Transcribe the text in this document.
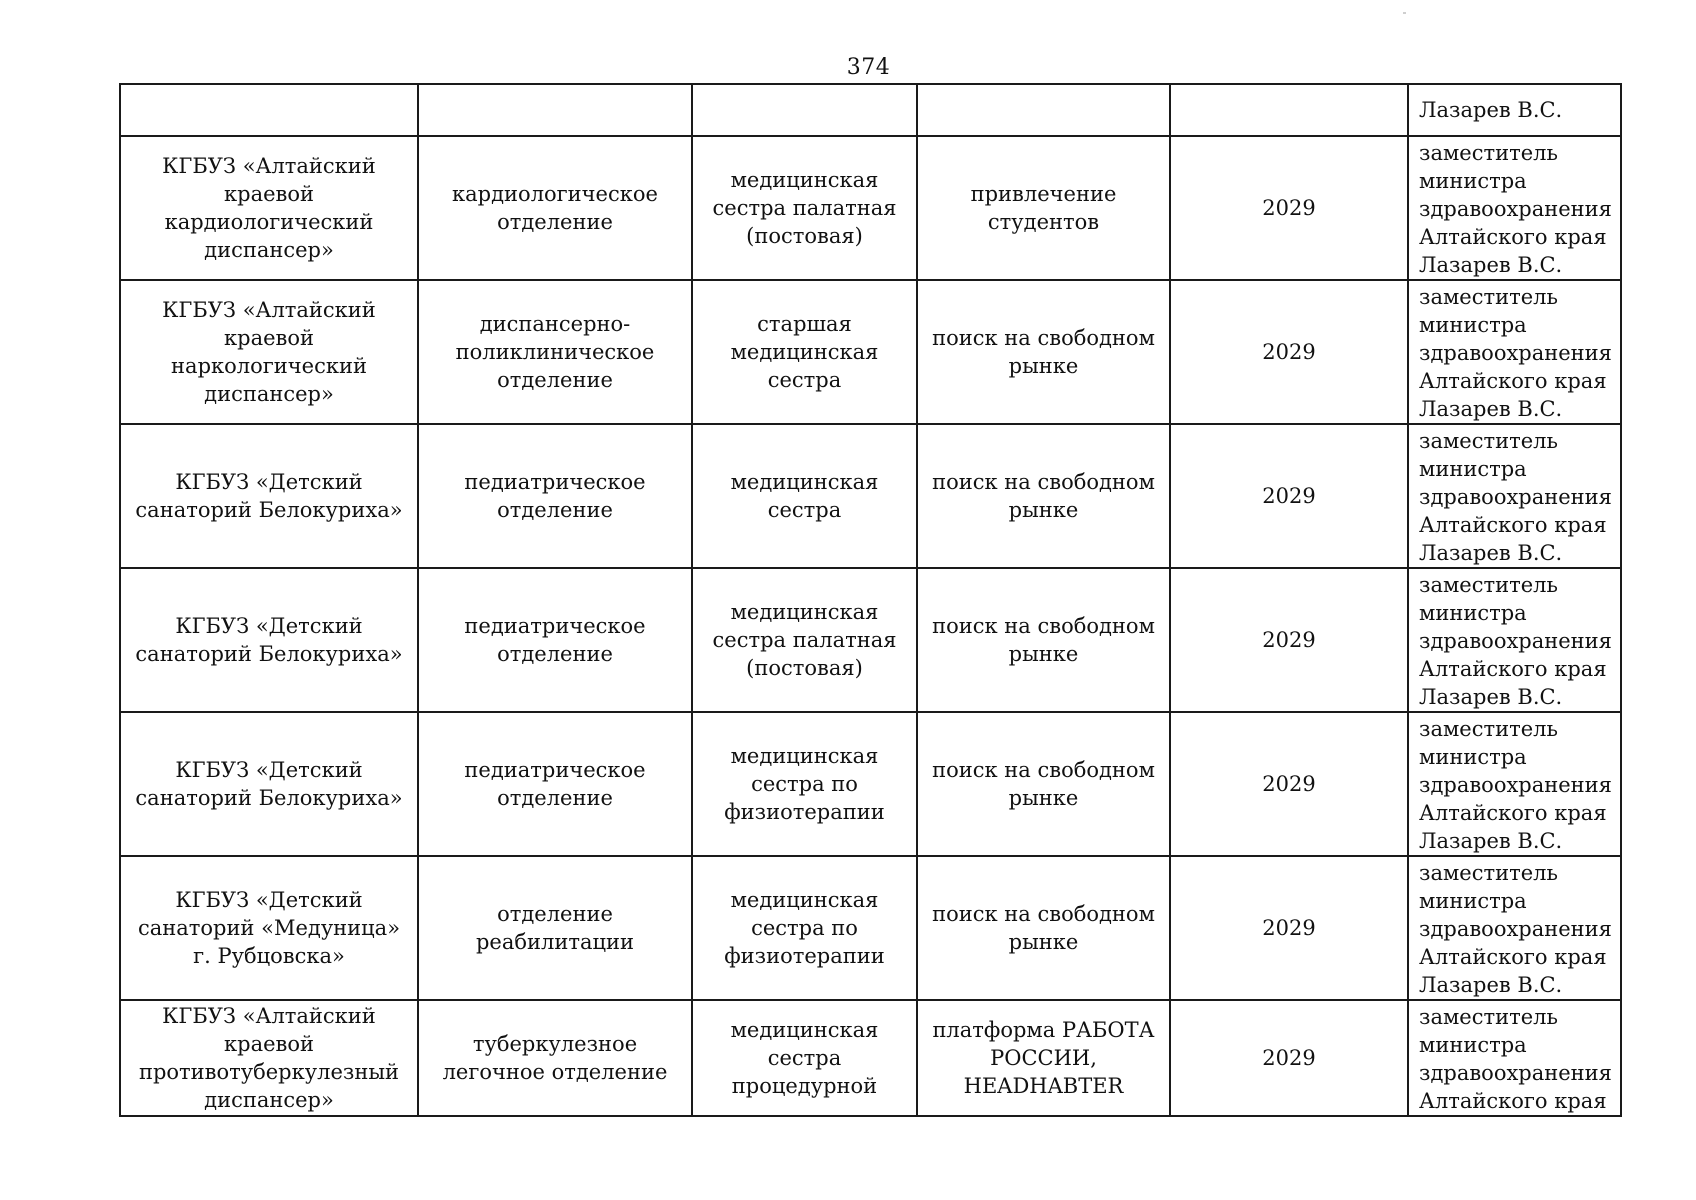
374
					Лазарев В.С.
КГБУЗ «Алтайский краевой кардиологический диспансер»	кардиологическое отделение	медицинская сестра палатная (постовая)	привлечение студентов	2029	заместитель
министра
здравоохранения
Алтайского края
Лазарев В.С.
КГБУЗ «Алтайский краевой наркологический диспансер»	диспансерно-поликлиническое отделение	старшая медицинская сестра	поиск на свободном рынке	2029	заместитель
министра
здравоохранения
Алтайского края
Лазарев В.С.
КГБУЗ «Детский санаторий Белокуриха»	педиатрическое отделение	медицинская сестра	поиск на свободном рынке	2029	заместитель
министра
здравоохранения
Алтайского края
Лазарев В.С.
КГБУЗ «Детский санаторий Белокуриха»	педиатрическое отделение	медицинская сестра палатная (постовая)	поиск на свободном рынке	2029	заместитель
министра
здравоохранения
Алтайского края
Лазарев В.С.
КГБУЗ «Детский санаторий Белокуриха»	педиатрическое отделение	медицинская сестра по физиотерапии	поиск на свободном рынке	2029	заместитель
министра
здравоохранения
Алтайского края
Лазарев В.С.
КГБУЗ «Детский санаторий «Медуница» г. Рубцовска»	отделение реабилитации	медицинская сестра по физиотерапии	поиск на свободном рынке	2029	заместитель
министра
здравоохранения
Алтайского края
Лазарев В.С.
КГБУЗ «Алтайский краевой противотуберкулезный диспансер»	туберкулезное легочное отделение	медицинская сестра процедурной	платформа РАБОТА РОССИИ, HEADHABTER	2029	заместитель
министра
здравоохранения
Алтайского края
